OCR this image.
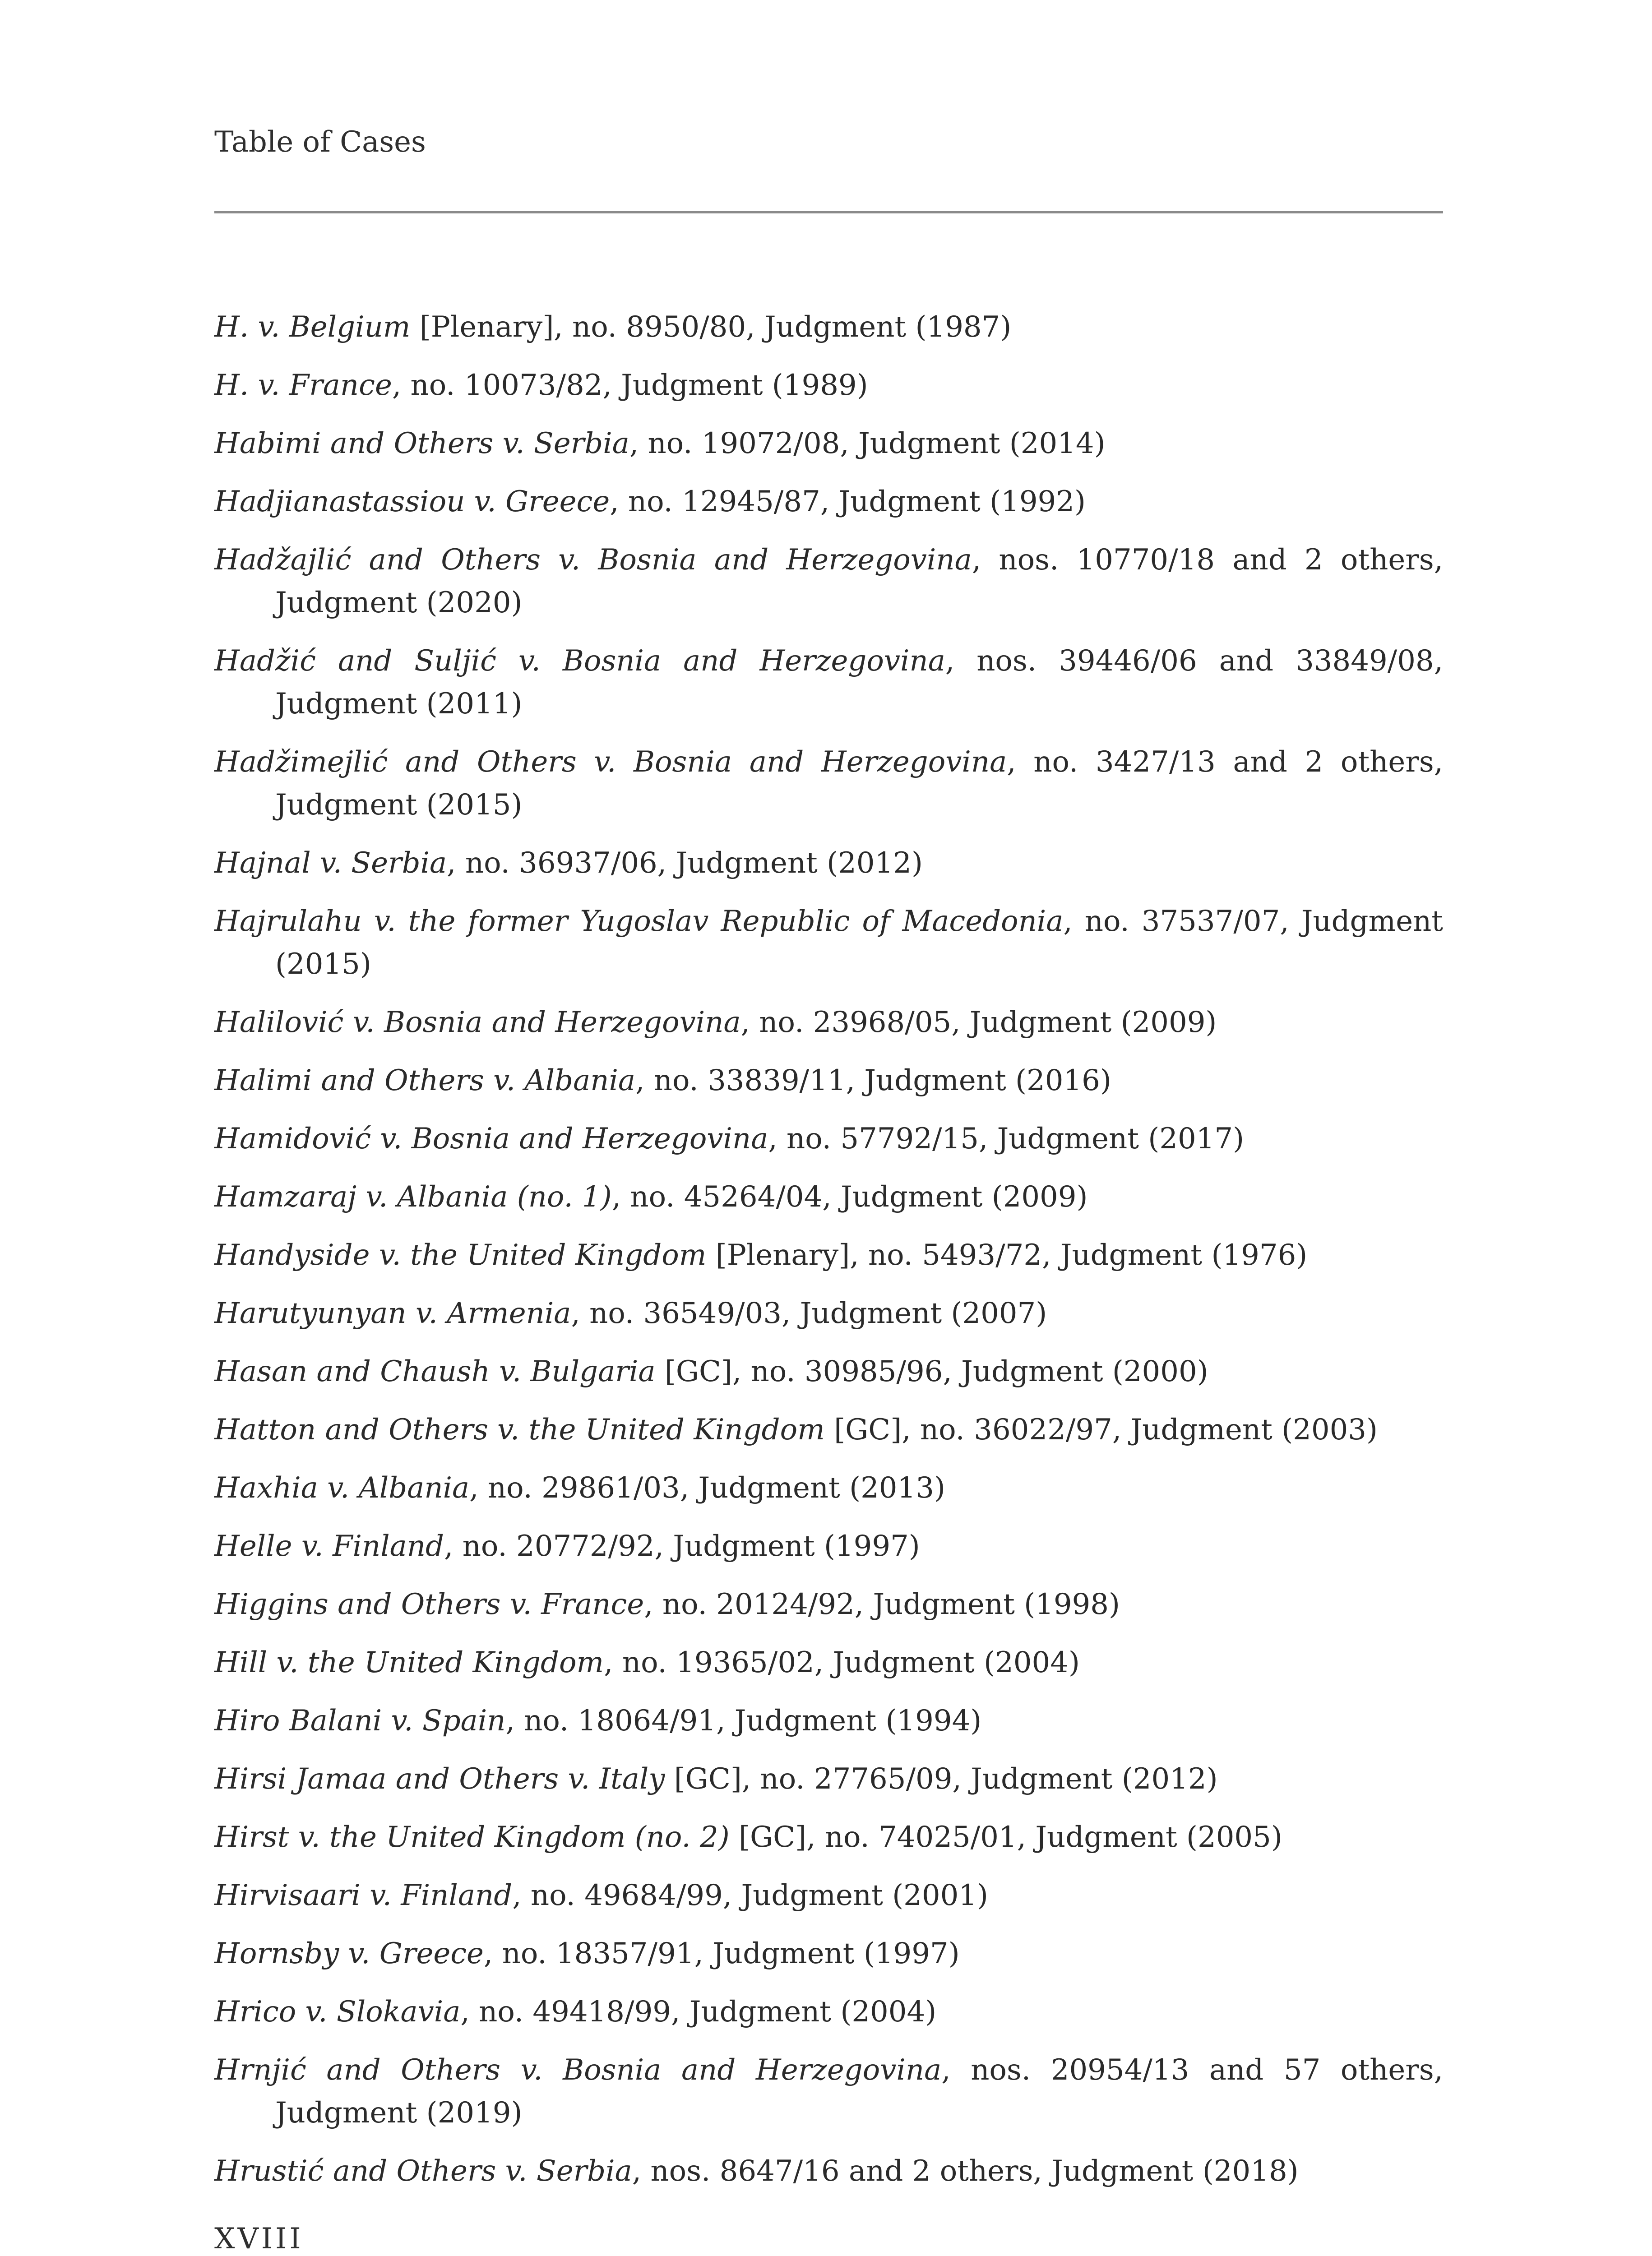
Table of Cases
H. v. Belgium [Plenary], no. 8950/80, Judgment (1987)
H. v. France, no. 10073/82, Judgment (1989)
Habimi and Others v. Serbia, no. 19072/08, Judgment (2014)
Hadjianastassiou v. Greece, no. 12945/87, Judgment (1992)
Hadžajlić and Others v. Bosnia and Herzegovina, nos. 10770/18 and 2 others, Judgment (2020)
Hadžić and Suljić v. Bosnia and Herzegovina, nos. 39446/06 and 33849/08, Judgment (2011)
Hadžimejlić and Others v. Bosnia and Herzegovina, no. 3427/13 and 2 others, Judgment (2015)
Hajnal v. Serbia, no. 36937/06, Judgment (2012)
Hajrulahu v. the former Yugoslav Republic of Macedonia, no. 37537/07, Judgment (2015)
Halilović v. Bosnia and Herzegovina, no. 23968/05, Judgment (2009)
Halimi and Others v. Albania, no. 33839/11, Judgment (2016)
Hamidović v. Bosnia and Herzegovina, no. 57792/15, Judgment (2017)
Hamzaraj v. Albania (no. 1), no. 45264/04, Judgment (2009)
Handyside v. the United Kingdom [Plenary], no. 5493/72, Judgment (1976)
Harutyunyan v. Armenia, no. 36549/03, Judgment (2007)
Hasan and Chaush v. Bulgaria [GC], no. 30985/96, Judgment (2000)
Hatton and Others v. the United Kingdom [GC], no. 36022/97, Judgment (2003)
Haxhia v. Albania, no. 29861/03, Judgment (2013)
Helle v. Finland, no. 20772/92, Judgment (1997)
Higgins and Others v. France, no. 20124/92, Judgment (1998)
Hill v. the United Kingdom, no. 19365/02, Judgment (2004)
Hiro Balani v. Spain, no. 18064/91, Judgment (1994)
Hirsi Jamaa and Others v. Italy [GC], no. 27765/09, Judgment (2012)
Hirst v. the United Kingdom (no. 2) [GC], no. 74025/01, Judgment (2005)
Hirvisaari v. Finland, no. 49684/99, Judgment (2001)
Hornsby v. Greece, no. 18357/91, Judgment (1997)
Hrico v. Slokavia, no. 49418/99, Judgment (2004)
Hrnjić and Others v. Bosnia and Herzegovina, nos. 20954/13 and 57 others, Judgment (2019)
Hrustić and Others v. Serbia, nos. 8647/16 and 2 others, Judgment (2018)
XVIII
